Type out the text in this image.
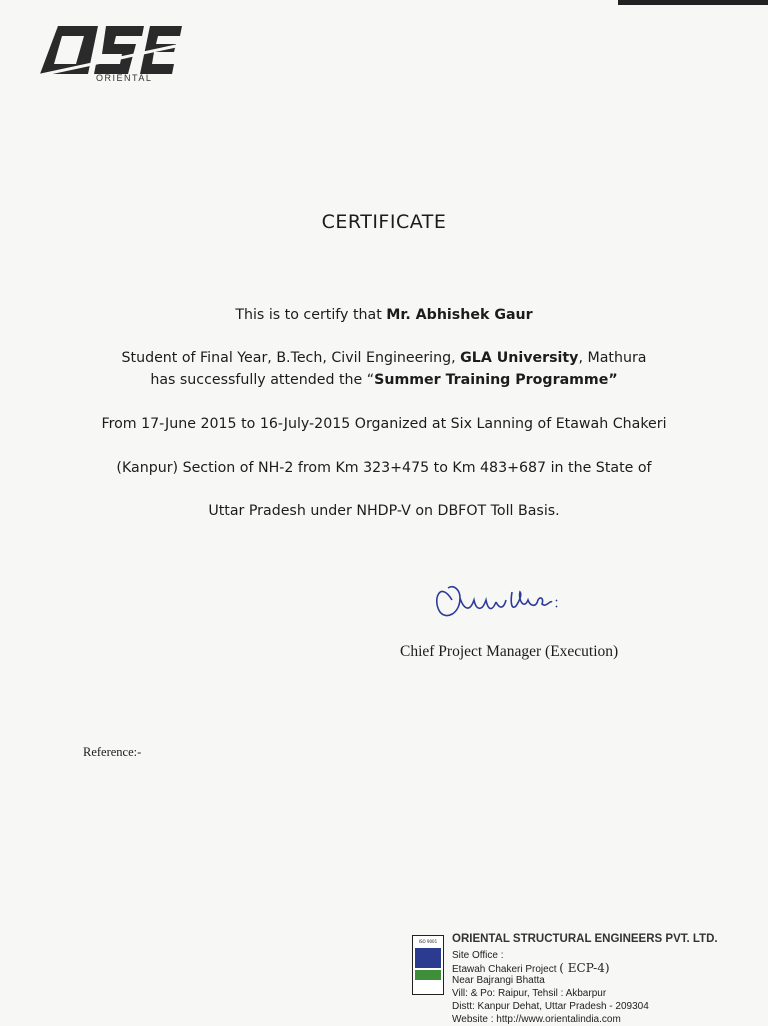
ORIENTAL
CERTIFICATE
This is to certify that Mr. Abhishek Gaur
Student of Final Year, B.Tech, Civil Engineering, GLA University, Mathura
has successfully attended the “Summer Training Programme”
From 17-June 2015 to 16-July-2015 Organized at Six Lanning of Etawah Chakeri
(Kanpur) Section of NH-2 from Km 323+475 to Km 483+687 in the State of
Uttar Pradesh under NHDP-V on DBFOT Toll Basis.
Chief Project Manager (Execution)
Reference:-
ISO 9001	ORIENTAL STRUCTURAL ENGINEERS PVT. LTD.
Site Office :
Etawah Chakeri Project ( ECP-4)
Near Bajrangi Bhatta
Vill: & Po: Raipur, Tehsil : Akbarpur
Distt: Kanpur Dehat, Uttar Pradesh - 209304
Website : http://www.orientalindia.com
